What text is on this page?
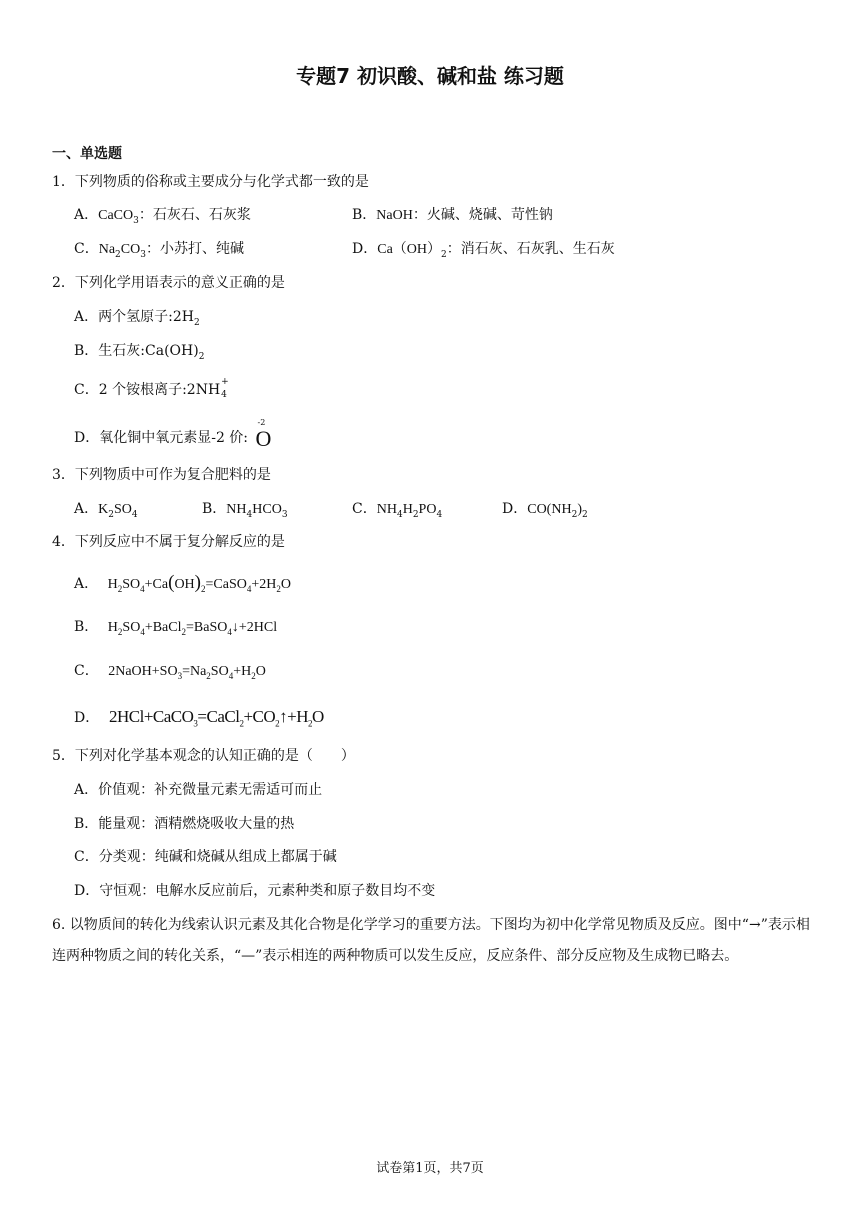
专题7 初识酸、碱和盐 练习题
一、单选题
1．下列物质的俗称或主要成分与化学式都一致的是
A．CaCO$_3$：石灰石、石灰浆	B．NaOH：火碱、烧碱、苛性钠
C．$Na_2CO_3$：小苏打、纯碱	D．$Ca(OH)_2$：消石灰、石灰乳、生石灰
2．下列化学用语表示的意义正确的是
A．两个氢原子$:2H_2$
B．生石灰$:Ca(OH)_2$
C．2 个铵根离子:2NH +
4
D．氧化铜中氧元素显-2 价:
-2
O
3．下列物质中可作为复合肥料的是
A．$K_2SO_4$	B．$NH_4HCO_3$	C．$NH_4H_2PO_4$	D．$CO(NH_2)_2$
4．下列反应中不属于复分解反应的是
A． $H_2SO_4+Ca(OH)_2=CaSO_4+2H_2O$
B． $H_2SO_4+BaCl_2=BaSO_4↓+2HCl$
C． $2NaOH+SO_3=Na_2SO_4+H_2O$
D． $2HCl+CaCO_3=CaCl_2+CO_2↑+H_2O$
5．下列对化学基本观念的认知正确的是（　　）
A．价值观：补充微量元素无需适可而止
B．能量观：酒精燃烧吸收大量的热
C．分类观：纯碱和烧碱从组成上都属于碱
D．守恒观：电解水反应前后，元素种类和原子数目均不变
6. 以物质间的转化为线索认识元素及其化合物是化学学习的重要方法。下图均为初中化学常见物质及反应。图中“→”表示相连两种物质之间的转化关系，“—”表示相连的两种物质可以发生反应，反应条件、部分反应物及生成物已略去。
试卷第1页，共7页
